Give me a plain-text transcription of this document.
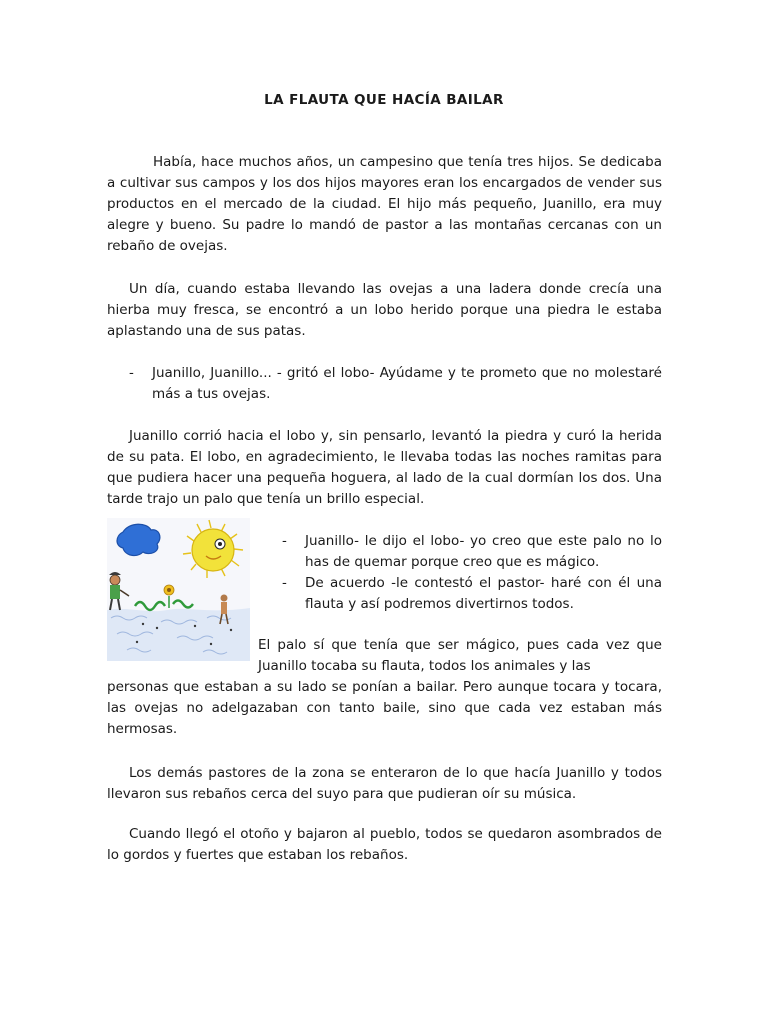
LA FLAUTA QUE HACÍA BAILAR
Había, hace muchos años, un campesino que tenía tres hijos. Se dedicaba a cultivar sus campos y los dos hijos mayores eran los encargados de vender sus productos en el mercado de la ciudad. El hijo más pequeño, Juanillo, era muy alegre y bueno. Su padre lo mandó de pastor a las montañas cercanas con un rebaño de ovejas.
Un día, cuando estaba llevando las ovejas a una ladera donde crecía una hierba muy fresca, se encontró a un lobo herido porque una piedra le estaba aplastando una de sus patas.
- Juanillo, Juanillo... - gritó el lobo- Ayúdame y te prometo que no molestaré más a tus ovejas.
Juanillo corrió hacia el lobo y, sin pensarlo, levantó la piedra y curó la herida de su pata. El lobo, en agradecimiento, le llevaba todas las noches ramitas para que pudiera hacer una pequeña hoguera, al lado de la cual dormían los dos. Una tarde trajo un palo que tenía un brillo especial.
- Juanillo- le dijo el lobo- yo creo que este palo no lo has de quemar porque creo que es mágico.
- De acuerdo -le contestó el pastor- haré con él una flauta y así podremos divertirnos todos.
El palo sí que tenía que ser mágico, pues cada vez que Juanillo tocaba su flauta, todos los animales y las
personas que estaban a su lado se ponían a bailar. Pero aunque tocara y tocara, las ovejas no adelgazaban con tanto baile, sino que cada vez estaban más hermosas.
Los demás pastores de la zona se enteraron de lo que hacía Juanillo y todos llevaron sus rebaños cerca del suyo para que pudieran oír su música.
Cuando llegó el otoño y bajaron al pueblo, todos se quedaron asombrados de lo gordos y fuertes que estaban los rebaños.
